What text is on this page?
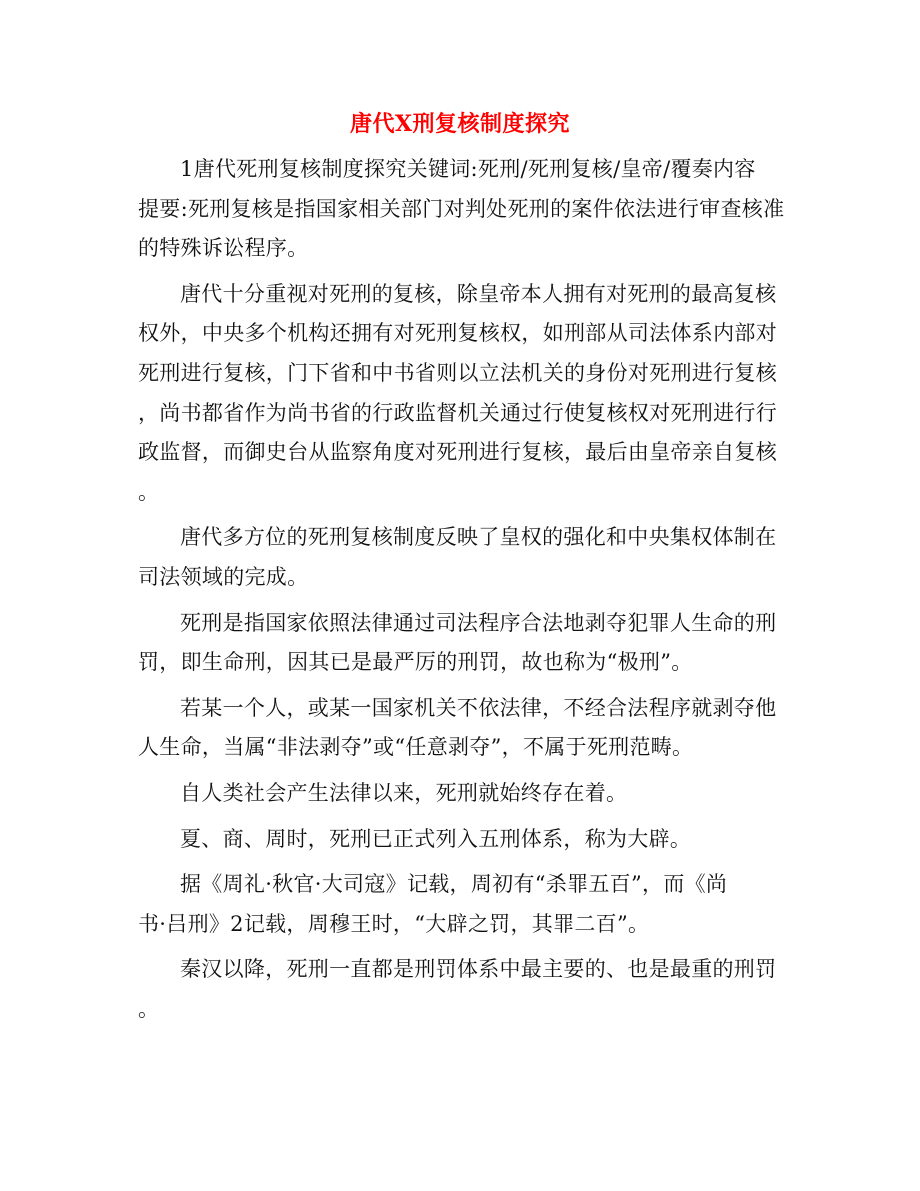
唐代X刑复核制度探究
1唐代死刑复核制度探究关键词:死刑/死刑复核/皇帝/覆奏内容
提要:死刑复核是指国家相关部门对判处死刑的案件依法进行审查核准
的特殊诉讼程序。
唐代十分重视对死刑的复核，除皇帝本人拥有对死刑的最高复核
权外，中央多个机构还拥有对死刑复核权，如刑部从司法体系内部对
死刑进行复核，门下省和中书省则以立法机关的身份对死刑进行复核
，尚书都省作为尚书省的行政监督机关通过行使复核权对死刑进行行
政监督，而御史台从监察角度对死刑进行复核，最后由皇帝亲自复核
。
唐代多方位的死刑复核制度反映了皇权的强化和中央集权体制在
司法领域的完成。
死刑是指国家依照法律通过司法程序合法地剥夺犯罪人生命的刑
罚，即生命刑，因其已是最严厉的刑罚，故也称为“极刑”。
若某一个人，或某一国家机关不依法律，不经合法程序就剥夺他
人生命，当属“非法剥夺”或“任意剥夺”，不属于死刑范畴。
自人类社会产生法律以来，死刑就始终存在着。
夏、商、周时，死刑已正式列入五刑体系，称为大辟。
据《周礼·秋官·大司寇》记载，周初有“杀罪五百”，而《尚
书·吕刑》2记载，周穆王时，“大辟之罚，其罪二百”。
秦汉以降，死刑一直都是刑罚体系中最主要的、也是最重的刑罚
。
